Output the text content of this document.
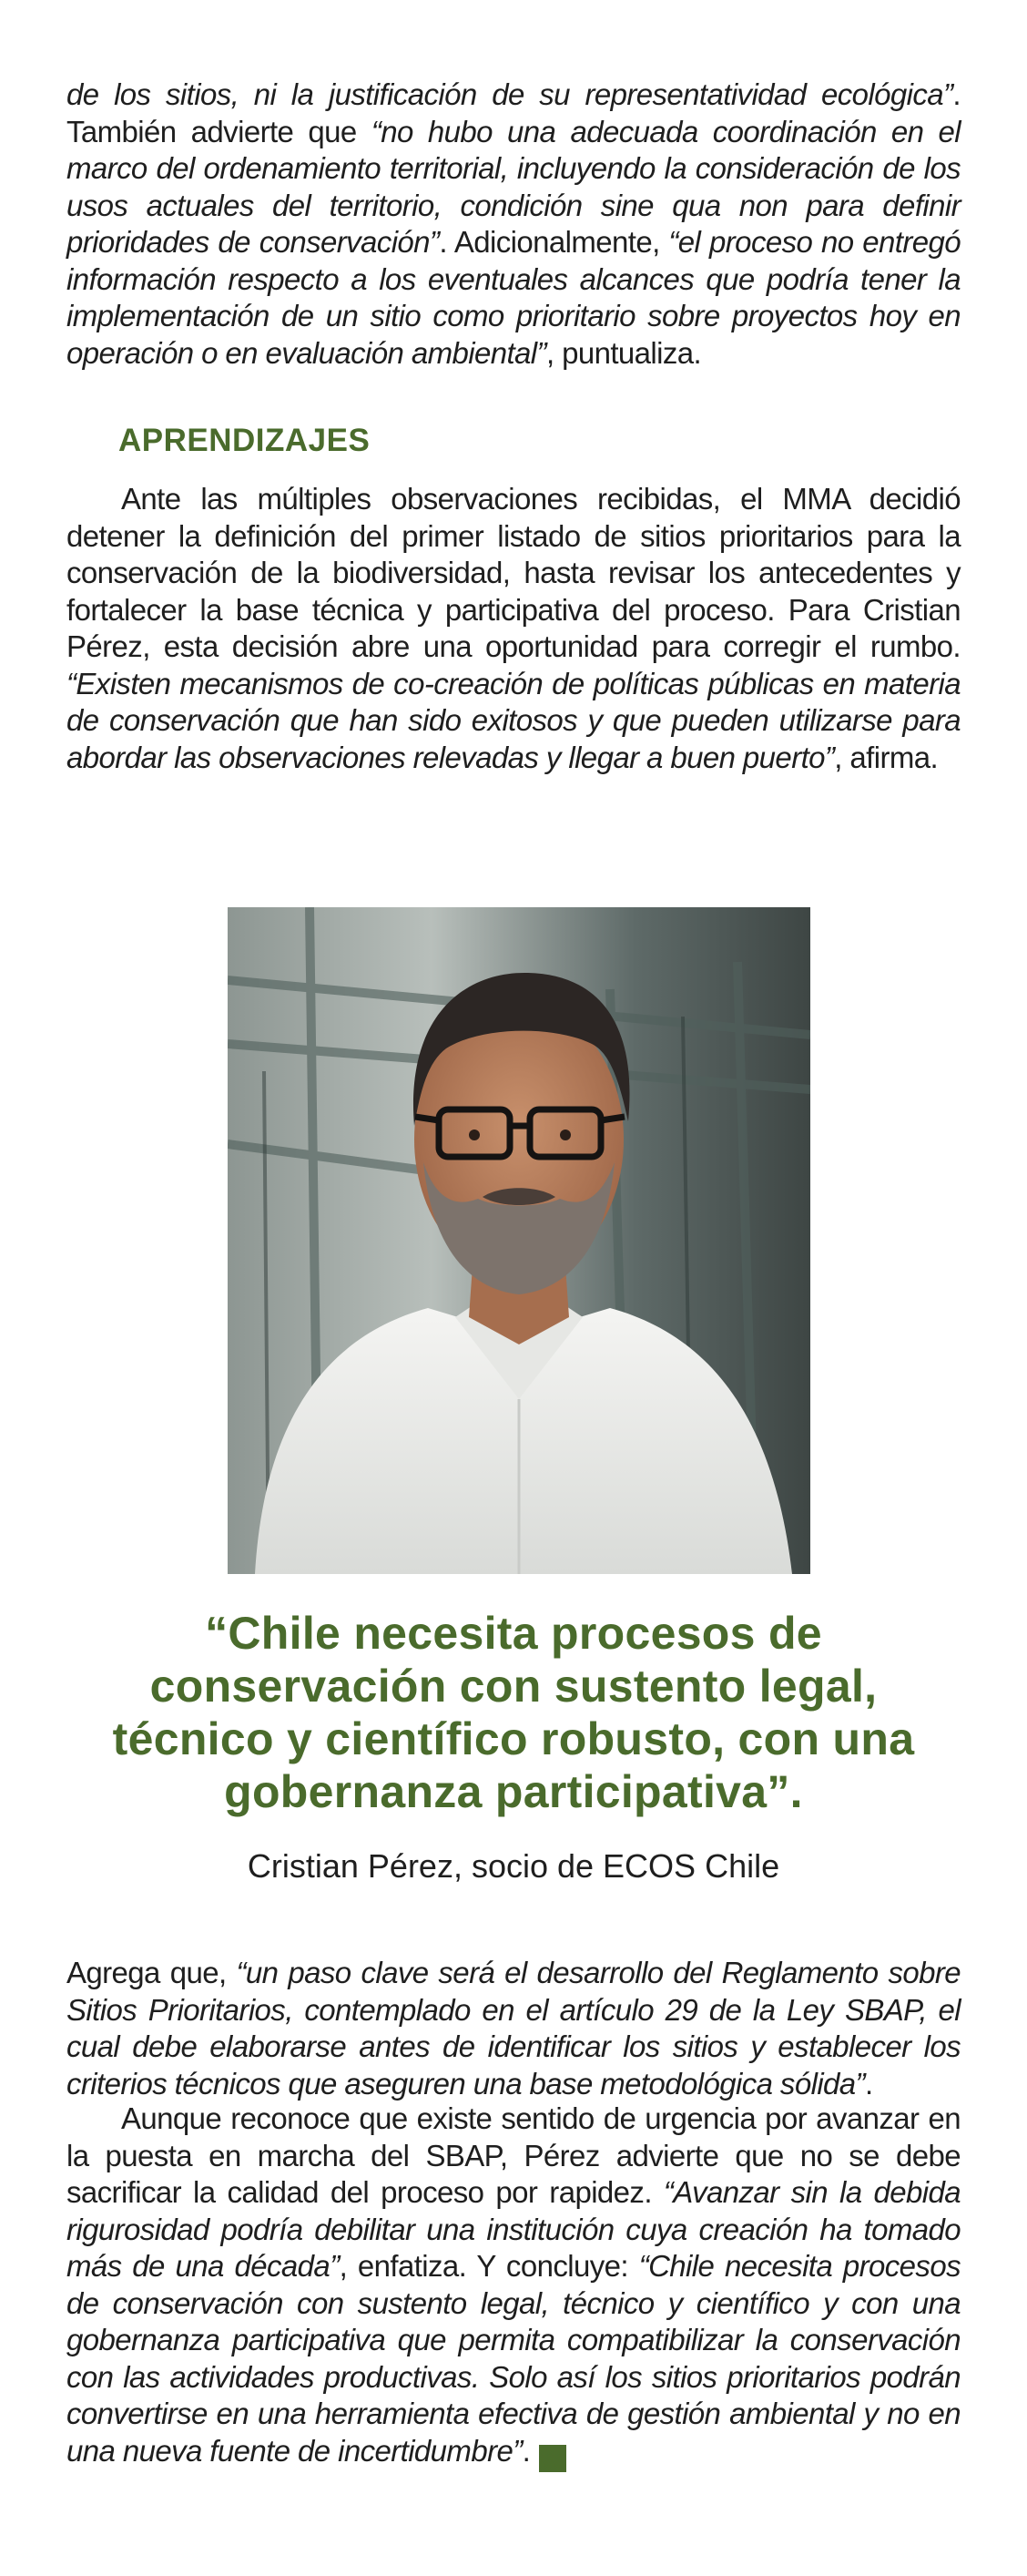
de los sitios, ni la justificación de su representatividad ecológica”. También advierte que “no hubo una adecuada coordinación en el marco del ordenamiento territorial, incluyendo la consideración de los usos actuales del territorio, condición sine qua non para definir prioridades de conservación”. Adicionalmente, “el proceso no entregó información respecto a los eventuales alcances que podría tener la implementación de un sitio como prioritario sobre proyectos hoy en operación o en evaluación ambiental”, puntualiza.

APRENDIZAJES

Ante las múltiples observaciones recibidas, el MMA decidió detener la definición del primer listado de sitios prioritarios para la conservación de la biodiversidad, hasta revisar los antecedentes y fortalecer la base técnica y participativa del proceso. Para Cristian Pérez, esta decisión abre una oportunidad para corregir el rumbo. “Existen mecanismos de co-creación de políticas públicas en materia de conservación que han sido exitosos y que pueden utilizarse para abordar las observaciones relevadas y llegar a buen puerto”, afirma.

“Chile necesita procesos de conservación con sustento legal, técnico y científico robusto, con una gobernanza participativa”.

Cristian Pérez, socio de ECOS Chile

Agrega que, “un paso clave será el desarrollo del Reglamento sobre Sitios Prioritarios, contemplado en el artículo 29 de la Ley SBAP, el cual debe elaborarse antes de identificar los sitios y establecer los criterios técnicos que aseguren una base metodológica sólida”.

Aunque reconoce que existe sentido de urgencia por avanzar en la puesta en marcha del SBAP, Pérez advierte que no se debe sacrificar la calidad del proceso por rapidez. “Avanzar sin la debida rigurosidad podría debilitar una institución cuya creación ha tomado más de una década”, enfatiza. Y concluye: “Chile necesita procesos de conservación con sustento legal, técnico y científico y con una gobernanza participativa que permita compatibilizar la conservación con las actividades productivas. Solo así los sitios prioritarios podrán convertirse en una herramienta efectiva de gestión ambiental y no en una nueva fuente de incertidumbre”.	LA
